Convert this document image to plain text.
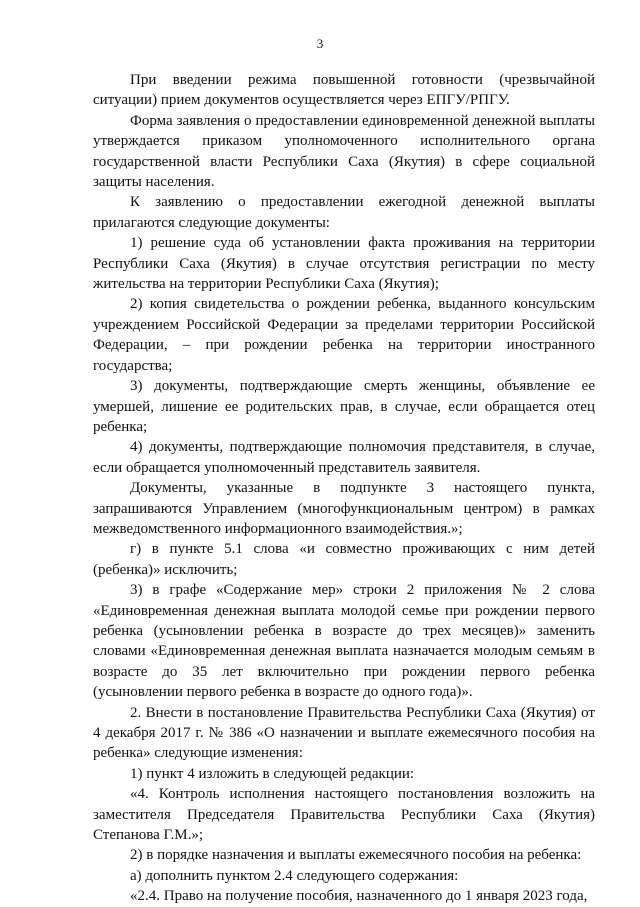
3

При введении режима повышенной готовности (чрезвычайной ситуации) прием документов осуществляется через ЕПГУ/РПГУ.

Форма заявления о предоставлении единовременной денежной выплаты утверждается приказом уполномоченного исполнительного органа государственной власти Республики Саха (Якутия) в сфере социальной защиты населения.

К заявлению о предоставлении ежегодной денежной выплаты прилагаются следующие документы:

1) решение суда об установлении факта проживания на территории Республики Саха (Якутия) в случае отсутствия регистрации по месту жительства на территории Республики Саха (Якутия);

2) копия свидетельства о рождении ребенка, выданного консульским учреждением Российской Федерации за пределами территории Российской Федерации, – при рождении ребенка на территории иностранного государства;

3) документы, подтверждающие смерть женщины, объявление ее умершей, лишение ее родительских прав, в случае, если обращается отец ребенка;

4) документы, подтверждающие полномочия представителя, в случае, если обращается уполномоченный представитель заявителя.

Документы, указанные в подпункте 3 настоящего пункта, запрашиваются Управлением (многофункциональным центром) в рамках межведомственного информационного взаимодействия.»;

г) в пункте 5.1 слова «и совместно проживающих с ним детей (ребенка)» исключить;

3) в графе «Содержание мер» строки 2 приложения № 2 слова «Единовременная денежная выплата молодой семье при рождении первого ребенка (усыновлении ребенка в возрасте до трех месяцев)» заменить словами «Единовременная денежная выплата назначается молодым семьям в возрасте до 35 лет включительно при рождении первого ребенка (усыновлении первого ребенка в возрасте до одного года)».

2. Внести в постановление Правительства Республики Саха (Якутия) от 4 декабря 2017 г. № 386 «О назначении и выплате ежемесячного пособия на ребенка» следующие изменения:

1) пункт 4 изложить в следующей редакции:

«4. Контроль исполнения настоящего постановления возложить на заместителя Председателя Правительства Республики Саха (Якутия) Степанова Г.М.»;

2) в порядке назначения и выплаты ежемесячного пособия на ребенка:

а) дополнить пунктом 2.4 следующего содержания:

«2.4. Право на получение пособия, назначенного до 1 января 2023 года,
